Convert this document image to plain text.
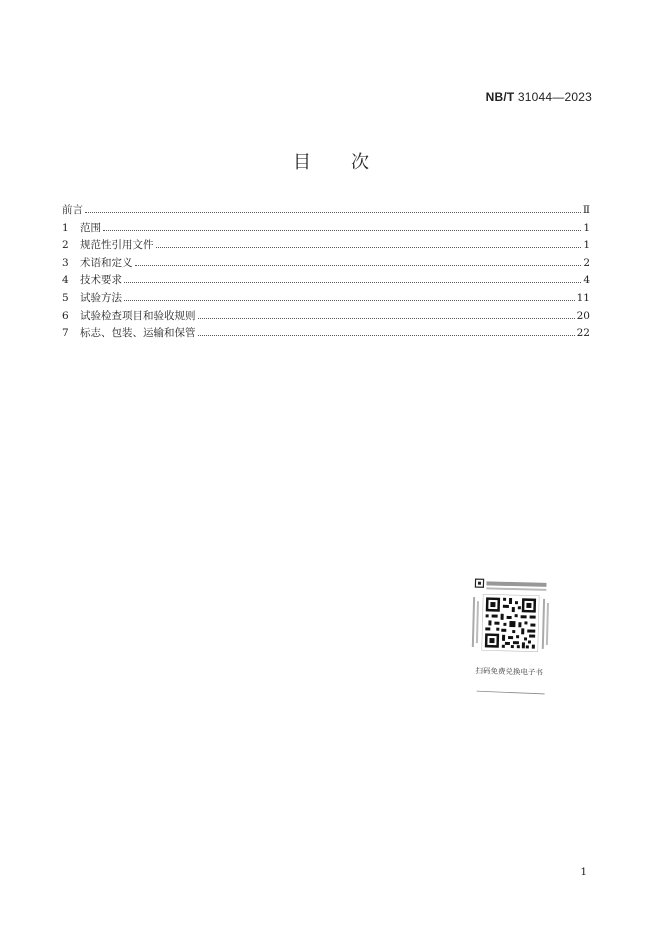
NB/T 31044—2023
目次
前言	Ⅱ
1	范围	1
2	规范性引用文件	1
3	术语和定义	2
4	技术要求	4
5	试验方法	11
6	试验检查项目和验收规则	20
7	标志、包装、运输和保管	22
扫码免费兑换电子书
1
